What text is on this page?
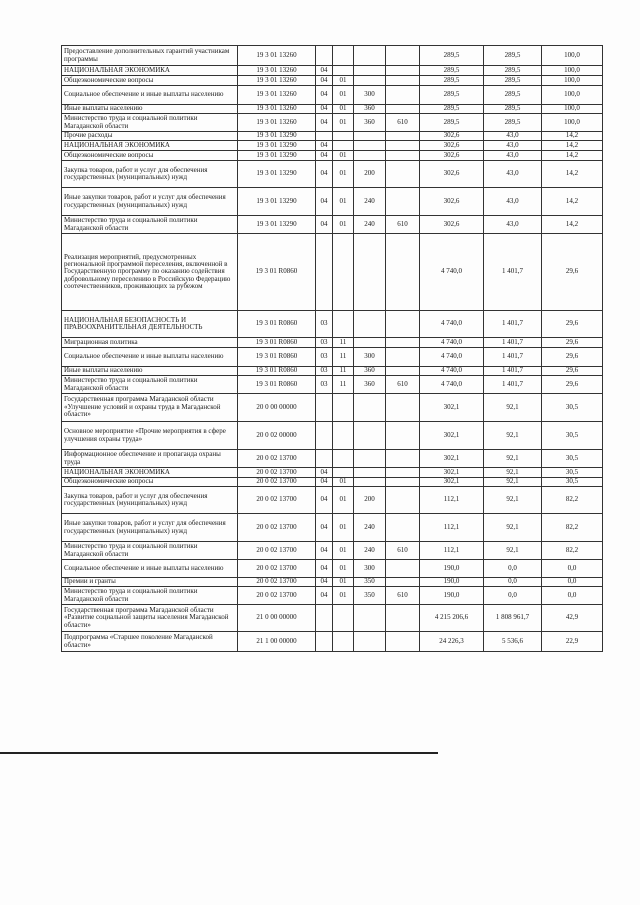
Предоставление дополнительных гарантий участникам программы	19 3 01 13260					289,5	289,5	100,0
НАЦИОНАЛЬНАЯ ЭКОНОМИКА	19 3 01 13260	04				289,5	289,5	100,0
Общеэкономические вопросы	19 3 01 13260	04	01			289,5	289,5	100,0
Социальное обеспечение и иные выплаты населению	19 3 01 13260	04	01	300		289,5	289,5	100,0
Иные выплаты населению	19 3 01 13260	04	01	360		289,5	289,5	100,0
Министерство труда и социальной политики Магаданской области	19 3 01 13260	04	01	360	610	289,5	289,5	100,0
Прочие расходы	19 3 01 13290					302,6	43,0	14,2
НАЦИОНАЛЬНАЯ ЭКОНОМИКА	19 3 01 13290	04				302,6	43,0	14,2
Общеэкономические вопросы	19 3 01 13290	04	01			302,6	43,0	14,2
Закупка товаров, работ и услуг для обеспечения государственных (муниципальных) нужд	19 3 01 13290	04	01	200		302,6	43,0	14,2
Иные закупки товаров, работ и услуг для обеспечения государственных (муниципальных) нужд	19 3 01 13290	04	01	240		302,6	43,0	14,2
Министерство труда и социальной политики Магаданской области	19 3 01 13290	04	01	240	610	302,6	43,0	14,2
Реализация мероприятий, предусмотренных региональной программой переселения, включенной в Государственную программу по оказанию содействия добровольному переселению в Российскую Федерацию соотечественников, проживающих за рубежом	19 3 01 R0860					4 740,0	1 401,7	29,6
НАЦИОНАЛЬНАЯ БЕЗОПАСНОСТЬ И ПРАВООХРАНИТЕЛЬНАЯ ДЕЯТЕЛЬНОСТЬ	19 3 01 R0860	03				4 740,0	1 401,7	29,6
Миграционная политика	19 3 01 R0860	03	11			4 740,0	1 401,7	29,6
Социальное обеспечение и иные выплаты населению	19 3 01 R0860	03	11	300		4 740,0	1 401,7	29,6
Иные выплаты населению	19 3 01 R0860	03	11	360		4 740,0	1 401,7	29,6
Министерство труда и социальной политики Магаданской области	19 3 01 R0860	03	11	360	610	4 740,0	1 401,7	29,6
Государственная программа Магаданской области «Улучшение условий и охраны труда в Магаданской области»	20 0 00 00000					302,1	92,1	30,5
Основное мероприятие «Прочие мероприятия в сфере улучшения охраны труда»	20 0 02 00000					302,1	92,1	30,5
Информационное обеспечение и пропаганда охраны труда	20 0 02 13700					302,1	92,1	30,5
НАЦИОНАЛЬНАЯ ЭКОНОМИКА	20 0 02 13700	04				302,1	92,1	30,5
Общеэкономические вопросы	20 0 02 13700	04	01			302,1	92,1	30,5
Закупка товаров, работ и услуг для обеспечения государственных (муниципальных) нужд	20 0 02 13700	04	01	200		112,1	92,1	82,2
Иные закупки товаров, работ и услуг для обеспечения государственных (муниципальных) нужд	20 0 02 13700	04	01	240		112,1	92,1	82,2
Министерство труда и социальной политики Магаданской области	20 0 02 13700	04	01	240	610	112,1	92,1	82,2
Социальное обеспечение и иные выплаты населению	20 0 02 13700	04	01	300		190,0	0,0	0,0
Премии и гранты	20 0 02 13700	04	01	350		190,0	0,0	0,0
Министерство труда и социальной политики Магаданской области	20 0 02 13700	04	01	350	610	190,0	0,0	0,0
Государственная программа Магаданской области «Развитие социальной защиты населения Магаданской области»	21 0 00 00000					4 215 206,6	1 808 961,7	42,9
Подпрограмма «Старшее поколение Магаданской области»	21 1 00 00000					24 226,3	5 536,6	22,9
